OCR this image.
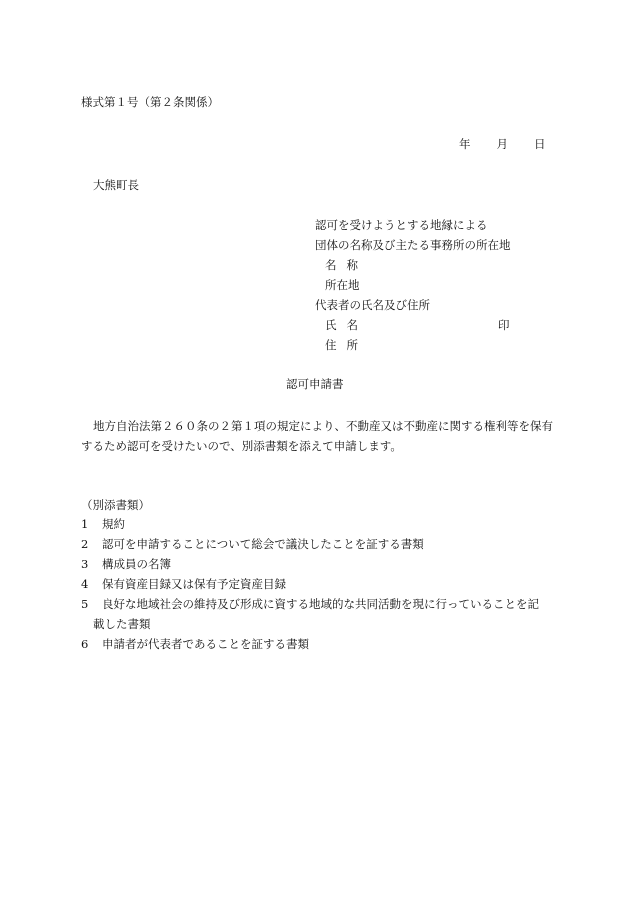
様式第１号（第２条関係）
年 月 日
大熊町長
認可を受けようとする地縁による
団体の名称及び主たる事務所の所在地
名称
所在地
代表者の氏名及び住所
氏名	印
住所
認可申請書
地方自治法第２６０条の２第１項の規定により、不動産又は不動産に関する権利等を保有するため認可を受けたいので、別添書類を添えて申請します。
（別添書類）
1 規約
2 認可を申請することについて総会で議決したことを証する書類
3 構成員の名簿
4 保有資産目録又は保有予定資産目録
5 良好な地域社会の維持及び形成に資する地域的な共同活動を現に行っていることを記
載した書類
6 申請者が代表者であることを証する書類
